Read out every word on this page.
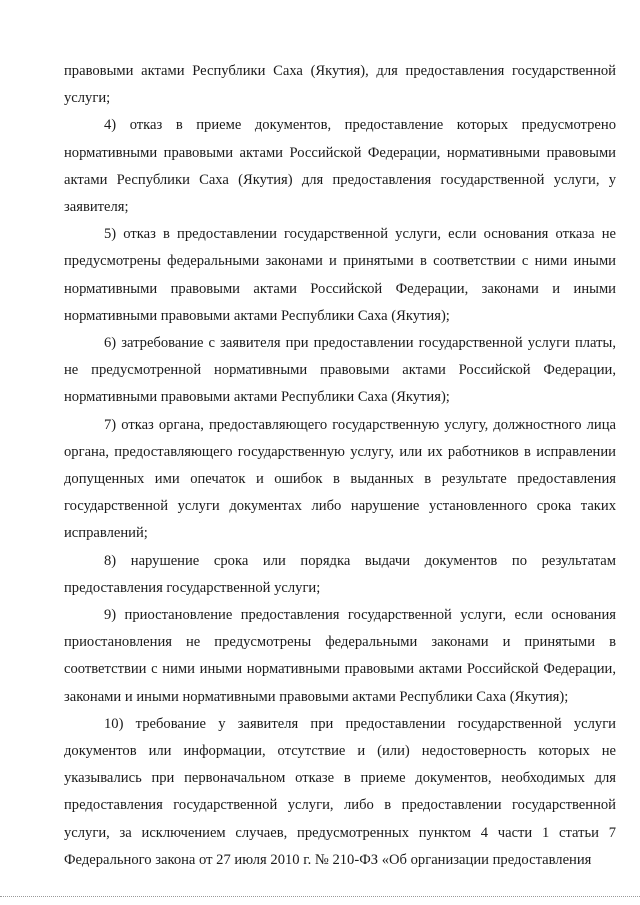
правовыми актами Республики Саха (Якутия), для предоставления государственной услуги;

4) отказ в приеме документов, предоставление которых предусмотрено нормативными правовыми актами Российской Федерации, нормативными правовыми актами Республики Саха (Якутия) для предоставления государственной услуги, у заявителя;

5) отказ в предоставлении государственной услуги, если основания отказа не предусмотрены федеральными законами и принятыми в соответствии с ними иными нормативными правовыми актами Российской Федерации, законами и иными нормативными правовыми актами Республики Саха (Якутия);

6) затребование с заявителя при предоставлении государственной услуги платы, не предусмотренной нормативными правовыми актами Российской Федерации, нормативными правовыми актами Республики Саха (Якутия);

7) отказ органа, предоставляющего государственную услугу, должностного лица органа, предоставляющего государственную услугу, или их работников в исправлении допущенных ими опечаток и ошибок в выданных в результате предоставления государственной услуги документах либо нарушение установленного срока таких исправлений;

8) нарушение срока или порядка выдачи документов по результатам предоставления государственной услуги;

9) приостановление предоставления государственной услуги, если основания приостановления не предусмотрены федеральными законами и принятыми в соответствии с ними иными нормативными правовыми актами Российской Федерации, законами и иными нормативными правовыми актами Республики Саха (Якутия);

10) требование у заявителя при предоставлении государственной услуги документов или информации, отсутствие и (или) недостоверность которых не указывались при первоначальном отказе в приеме документов, необходимых для предоставления государственной услуги, либо в предоставлении государственной услуги, за исключением случаев, предусмотренных пунктом 4 части 1 статьи 7 Федерального закона от 27 июля 2010 г. № 210-ФЗ «Об организации предоставления
